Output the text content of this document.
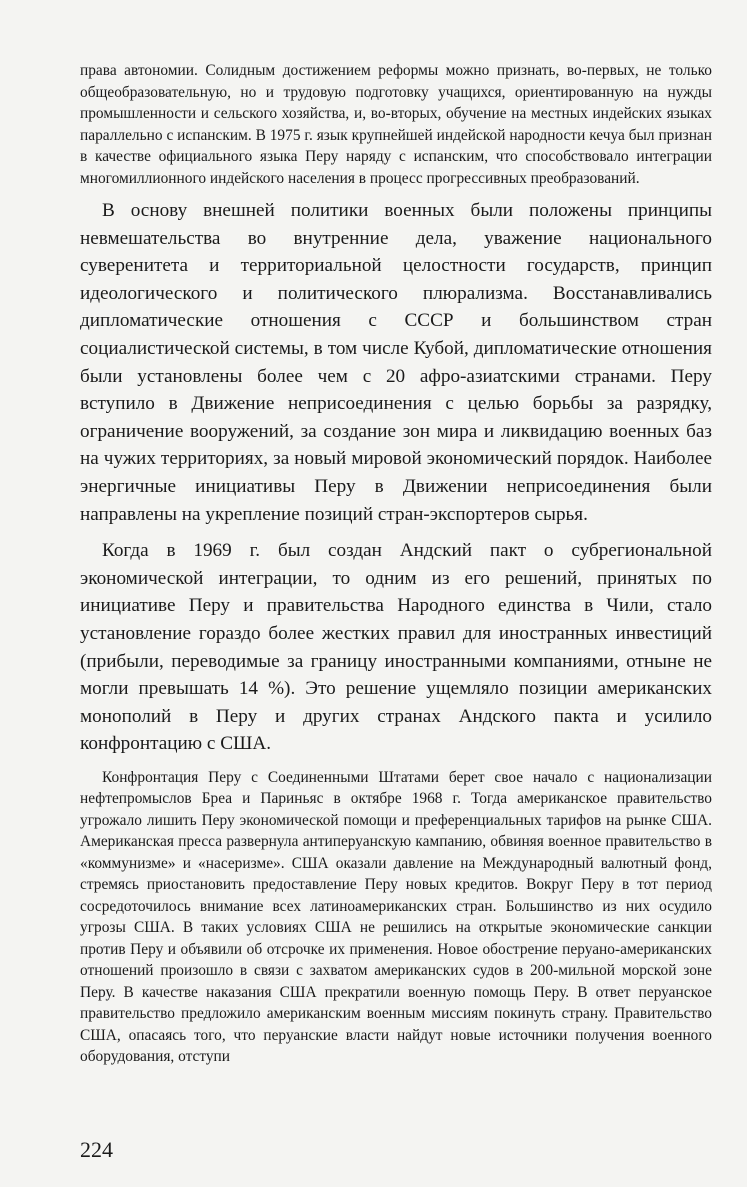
права автономии. Солидным достижением реформы можно признать, во-первых, не только общеобразовательную, но и трудовую подготовку учащихся, ориентированную на нужды промышленности и сельского хозяйства, и, во-вторых, обучение на местных индейских языках параллельно с испанским. В 1975 г. язык крупнейшей индейской народности кечуа был признан в качестве официального языка Перу наряду с испанским, что способствовало интеграции многомиллионного индейского населения в процесс прогрессивных преобразований.

В основу внешней политики военных были положены принципы невмешательства во внутренние дела, уважение национального суверенитета и территориальной целостности государств, принцип идеологического и политического плюрализма. Восстанавливались дипломатические отношения с СССР и большинством стран социалистической системы, в том числе Кубой, дипломатические отношения были установлены более чем с 20 афро-азиатскими странами. Перу вступило в Движение неприсоединения с целью борьбы за разрядку, ограничение вооружений, за создание зон мира и ликвидацию военных баз на чужих территориях, за новый мировой экономический порядок. Наиболее энергичные инициативы Перу в Движении неприсоединения были направлены на укрепление позиций стран-экспортеров сырья.

Когда в 1969 г. был создан Андский пакт о субрегиональной экономической интеграции, то одним из его решений, принятых по инициативе Перу и правительства Народного единства в Чили, стало установление гораздо более жестких правил для иностранных инвестиций (прибыли, переводимые за границу иностранными компаниями, отныне не могли превышать 14 %). Это решение ущемляло позиции американских монополий в Перу и других странах Андского пакта и усилило конфронтацию с США.

Конфронтация Перу с Соединенными Штатами берет свое начало с национализации нефтепромыслов Бреа и Париньяс в октябре 1968 г. Тогда американское правительство угрожало лишить Перу экономической помощи и преференциальных тарифов на рынке США. Американская пресса развернула антиперуанскую кампанию, обвиняя военное правительство в «коммунизме» и «насеризме». США оказали давление на Международный валютный фонд, стремясь приостановить предоставление Перу новых кредитов. Вокруг Перу в тот период сосредоточилось внимание всех латиноамериканских стран. Большинство из них осудило угрозы США. В таких условиях США не решились на открытые экономические санкции против Перу и объявили об отсрочке их применения. Новое обострение перуано-американских отношений произошло в связи с захватом американских судов в 200-мильной морской зоне Перу. В качестве наказания США прекратили военную помощь Перу. В ответ перуанское правительство предложило американским военным миссиям покинуть страну. Правительство США, опасаясь того, что перуанские власти найдут новые источники получения военного оборудования, отступи

224
